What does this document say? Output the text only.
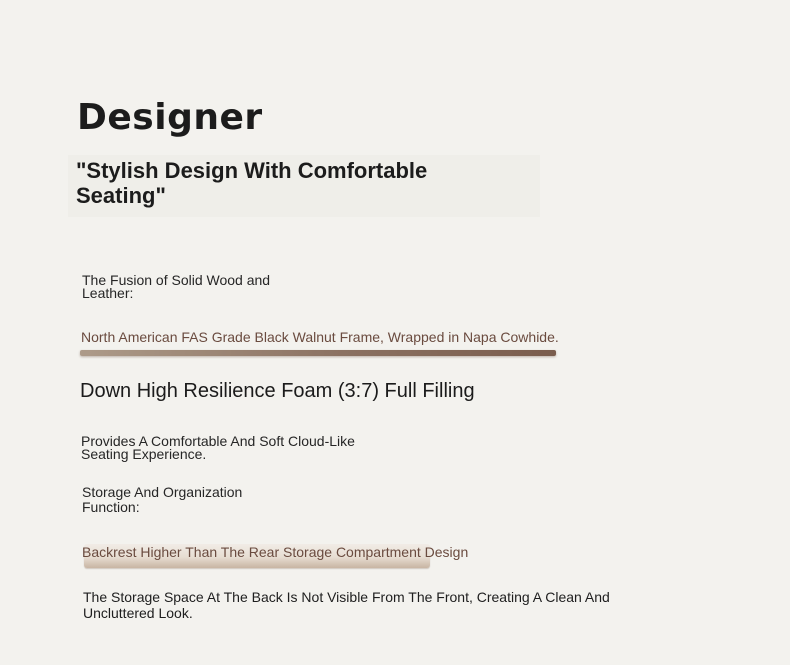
Designer

"Stylish Design With Comfortable Seating"

The Fusion of Solid Wood and Leather:

North American FAS Grade Black Walnut Frame, Wrapped in Napa Cowhide.

Down High Resilience Foam (3:7) Full Filling

Provides A Comfortable And Soft Cloud-Like Seating Experience.

Storage And Organization Function:

Backrest Higher Than The Rear Storage Compartment Design

The Storage Space At The Back Is Not Visible From The Front, Creating A Clean And Uncluttered Look.
